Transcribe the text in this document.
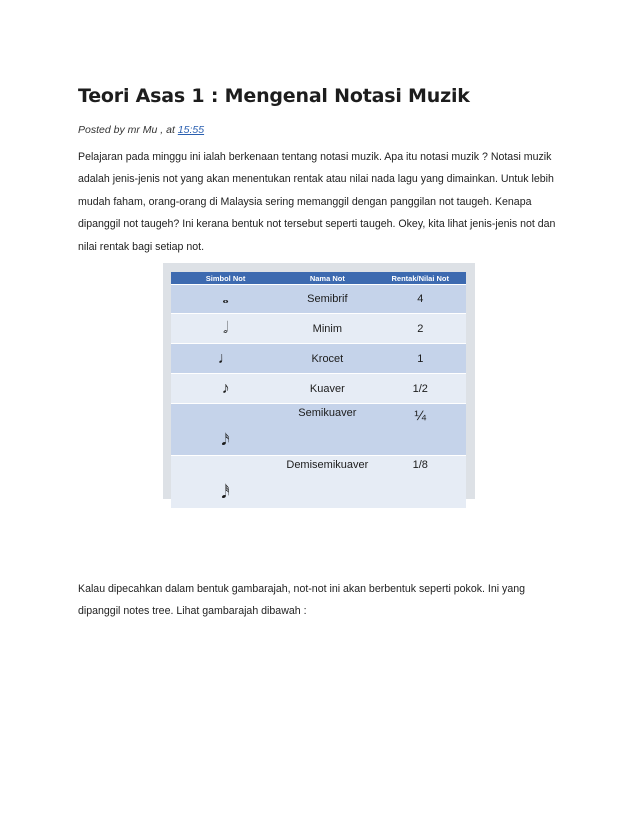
Teori Asas 1 : Mengenal Notasi Muzik
Posted by mr Mu , at 15:55

Pelajaran pada minggu ini ialah berkenaan tentang notasi muzik. Apa itu notasi muzik ? Notasi muzik adalah jenis-jenis not yang akan menentukan rentak atau nilai nada lagu yang dimainkan. Untuk lebih mudah faham, orang-orang di Malaysia sering memanggil dengan panggilan not taugeh. Kenapa dipanggil not taugeh? Ini kerana bentuk not tersebut seperti taugeh. Okey, kita lihat jenis-jenis not dan nilai rentak bagi setiap not.

Simbol Not	Nama Not	Rentak/Nilai Not
𝅝	Semibrif	4
𝅗𝅥	Minim	2
♩	Krocet	1
♪	Kuaver	1/2
𝅘𝅥𝅯	Semikuaver	¼
𝅘𝅥𝅰	Demisemikuaver	1/8

Kalau dipecahkan dalam bentuk gambarajah, not-not ini akan berbentuk seperti pokok. Ini yang dipanggil notes tree. Lihat gambarajah dibawah :
